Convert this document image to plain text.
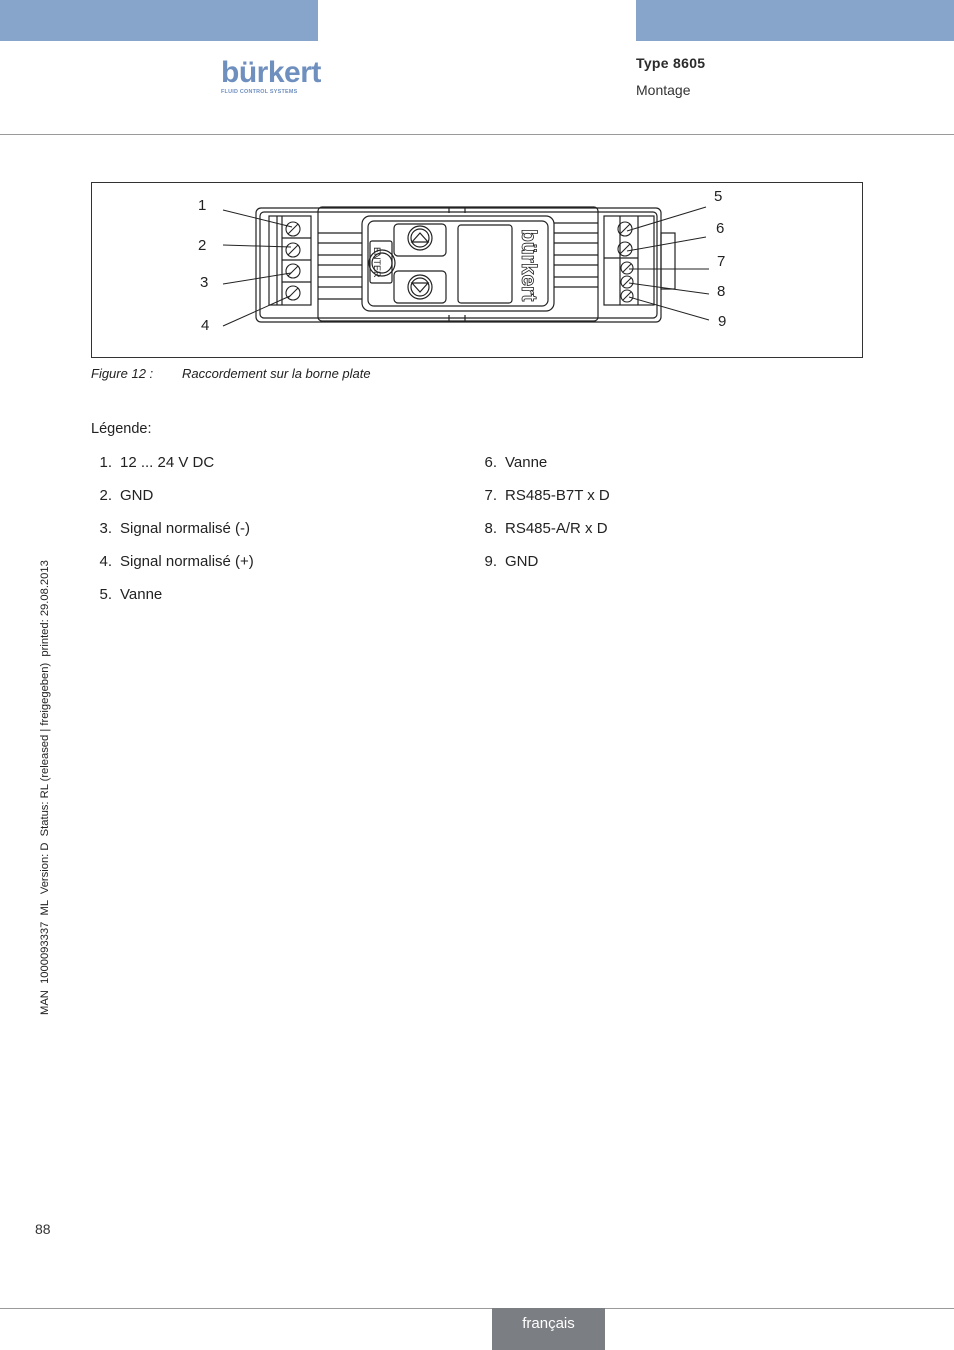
bürkert
FLUID CONTROL SYSTEMS
Type 8605
Montage
ENTER	bürkert
1
2
3
4
5
6
7
8
9
Figure 12 : Raccordement sur la borne plate
Légende:
1. 12 ... 24 V DC
2. GND
3. Signal normalisé (-)
4. Signal normalisé (+)
5. Vanne
6. Vanne
7. RS485-B7T x D
8. RS485-A/R x D
9. GND
MAN  1000093337  ML  Version: D  Status: RL (released | freigegeben)  printed: 29.08.2013
88
français
